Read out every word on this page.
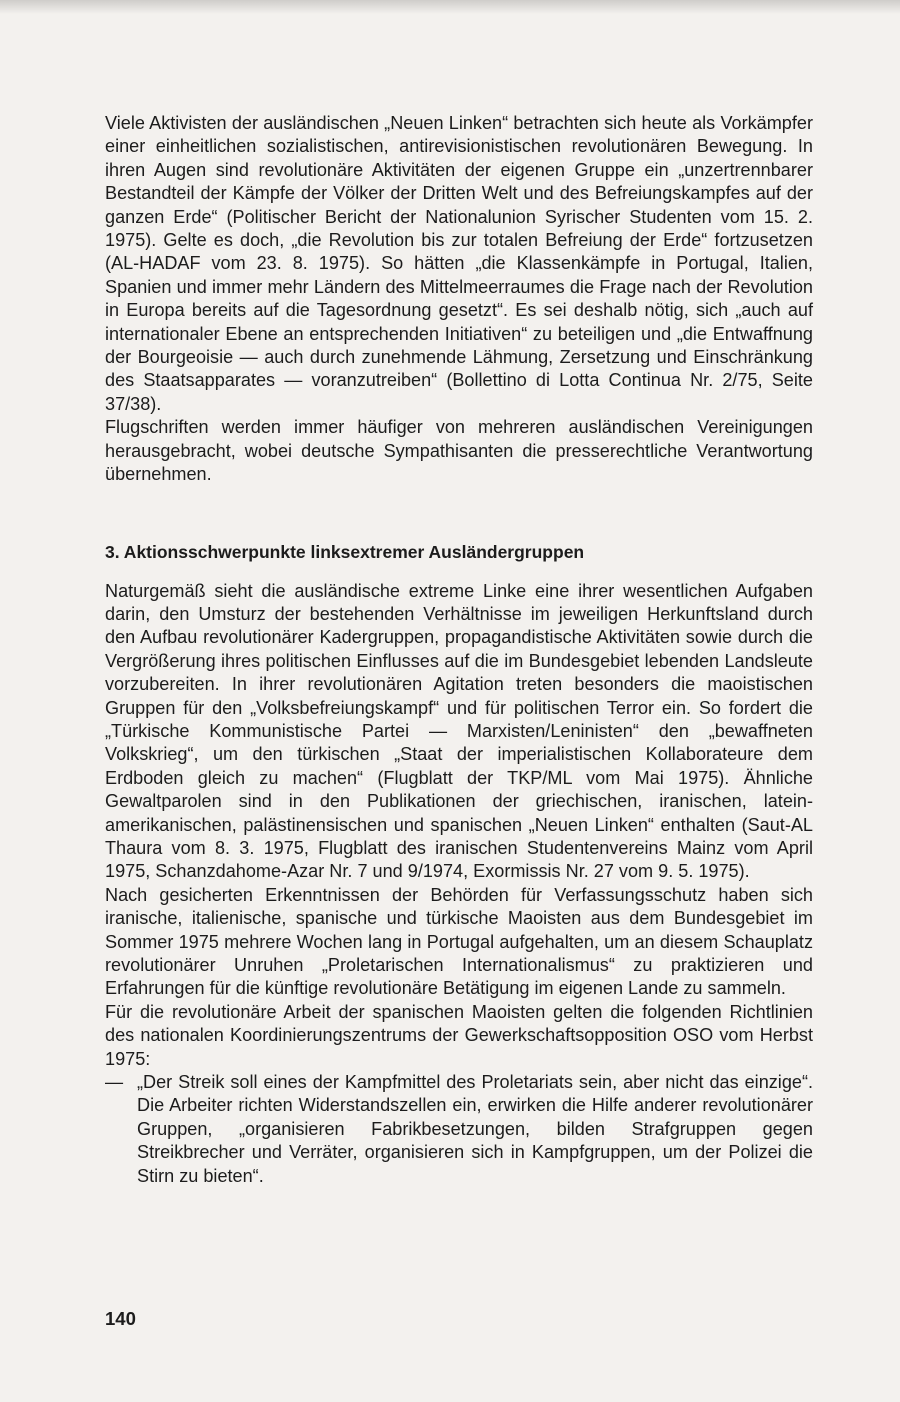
Viele Aktivisten der ausländischen „Neuen Linken“ betrachten sich heute als Vorkämpfer einer einheitlichen sozialistischen, antirevisionistischen revolutionären Bewegung. In ihren Augen sind revolutionäre Aktivitäten der eigenen Gruppe ein „unzertrennbarer Bestandteil der Kämpfe der Völker der Dritten Welt und des Befreiungskampfes auf der ganzen Erde“ (Politischer Bericht der Nationalunion Syrischer Studenten vom 15. 2. 1975). Gelte es doch, „die Revolution bis zur totalen Befreiung der Erde“ fortzusetzen (AL-HADAF vom 23. 8. 1975). So hätten „die Klassenkämpfe in Portugal, Italien, Spanien und immer mehr Ländern des Mittelmeerraumes die Frage nach der Revolution in Europa bereits auf die Tagesordnung gesetzt“. Es sei deshalb nötig, sich „auch auf internationaler Ebene an entsprechenden Initiativen“ zu beteiligen und „die Entwaffnung der Bourgeoisie — auch durch zunehmende Lähmung, Zersetzung und Einschränkung des Staatsapparates — voranzutreiben“ (Bollettino di Lotta Continua Nr. 2/75, Seite 37/38).

Flugschriften werden immer häufiger von mehreren ausländischen Vereinigungen herausgebracht, wobei deutsche Sympathisanten die presserechtliche Verantwortung übernehmen.

3. Aktionsschwerpunkte linksextremer Ausländergruppen

Naturgemäß sieht die ausländische extreme Linke eine ihrer wesentlichen Aufgaben darin, den Umsturz der bestehenden Verhältnisse im jeweiligen Herkunftsland durch den Aufbau revolutionärer Kadergruppen, propagandistische Aktivitäten sowie durch die Vergrößerung ihres politischen Einflusses auf die im Bundesgebiet lebenden Landsleute vorzubereiten. In ihrer revolutionären Agitation treten besonders die maoistischen Gruppen für den „Volksbefreiungskampf“ und für politischen Terror ein. So fordert die „Türkische Kommunistische Partei — Marxisten/Leninisten“ den „bewaffneten Volkskrieg“, um den türkischen „Staat der imperialistischen Kollaborateure dem Erdboden gleich zu machen“ (Flugblatt der TKP/ML vom Mai 1975). Ähnliche Gewaltparolen sind in den Publikationen der griechischen, iranischen, latein-amerikanischen, palästinensischen und spanischen „Neuen Linken“ enthalten (Saut-AL Thaura vom 8. 3. 1975, Flugblatt des iranischen Studentenvereins Mainz vom April 1975, Schanzdahome-Azar Nr. 7 und 9/1974, Exormissis Nr. 27 vom 9. 5. 1975).

Nach gesicherten Erkenntnissen der Behörden für Verfassungsschutz haben sich iranische, italienische, spanische und türkische Maoisten aus dem Bundesgebiet im Sommer 1975 mehrere Wochen lang in Portugal aufgehalten, um an diesem Schauplatz revolutionärer Unruhen „Proletarischen Internationalismus“ zu praktizieren und Erfahrungen für die künftige revolutionäre Betätigung im eigenen Lande zu sammeln.

Für die revolutionäre Arbeit der spanischen Maoisten gelten die folgenden Richtlinien des nationalen Koordinierungszentrums der Gewerkschaftsopposition OSO vom Herbst 1975:

— „Der Streik soll eines der Kampfmittel des Proletariats sein, aber nicht das einzige“. Die Arbeiter richten Widerstandszellen ein, erwirken die Hilfe anderer revolutionärer Gruppen, „organisieren Fabrikbesetzungen, bilden Strafgruppen gegen Streikbrecher und Verräter, organisieren sich in Kampfgruppen, um der Polizei die Stirn zu bieten“.
140
